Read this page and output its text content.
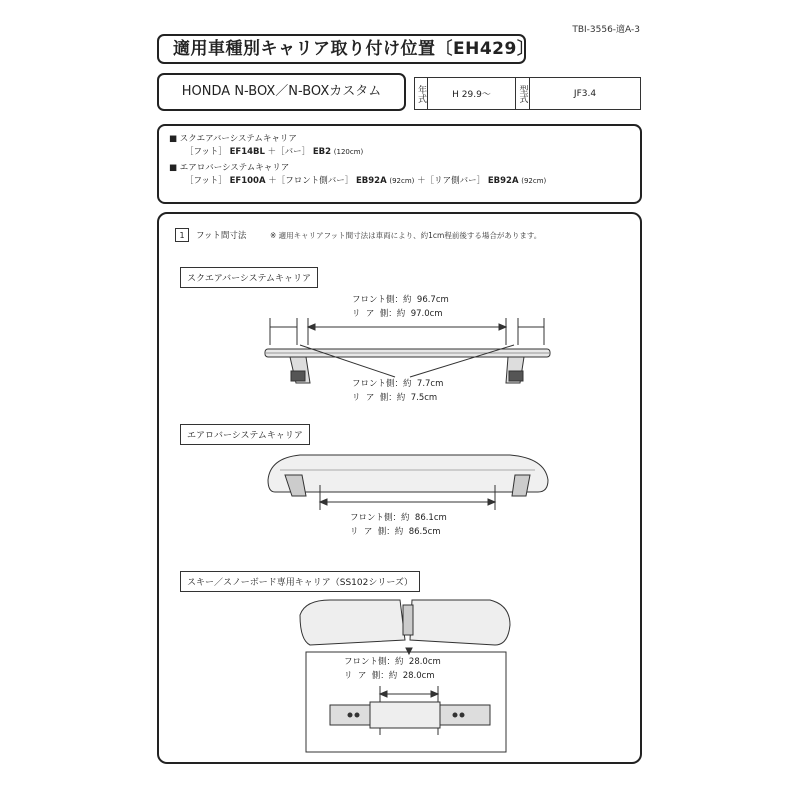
TBI-3556-適A-3
適用車種別キャリア取り付け位置〔EH429〕
HONDA N-BOX／N-BOXカスタム	年式	H 29.9～	型式	JF3.4
■ スクエアバーシステムキャリア
［フット］ EF14BL ＋［バー］ EB2 (120cm)
■ エアロバーシステムキャリア
［フット］ EF100A ＋［フロント側バー］ EB92A (92cm) ＋［リア側バー］ EB92A (92cm)
1	フット間寸法	※ 適用キャリアフット間寸法は車両により、約1cm程前後する場合があります。
スクエアバーシステムキャリア
フロント側：約  96.7cm
リ  ア  側：約  97.0cm
フロント側：約  7.7cm
リ  ア  側：約  7.5cm
エアロバーシステムキャリア
フロント側：約  86.1cm
リ  ア  側：約  86.5cm
スキー／スノーボード専用キャリア（SS102シリーズ）
フロント側：約  28.0cm
リ  ア  側：約  28.0cm
